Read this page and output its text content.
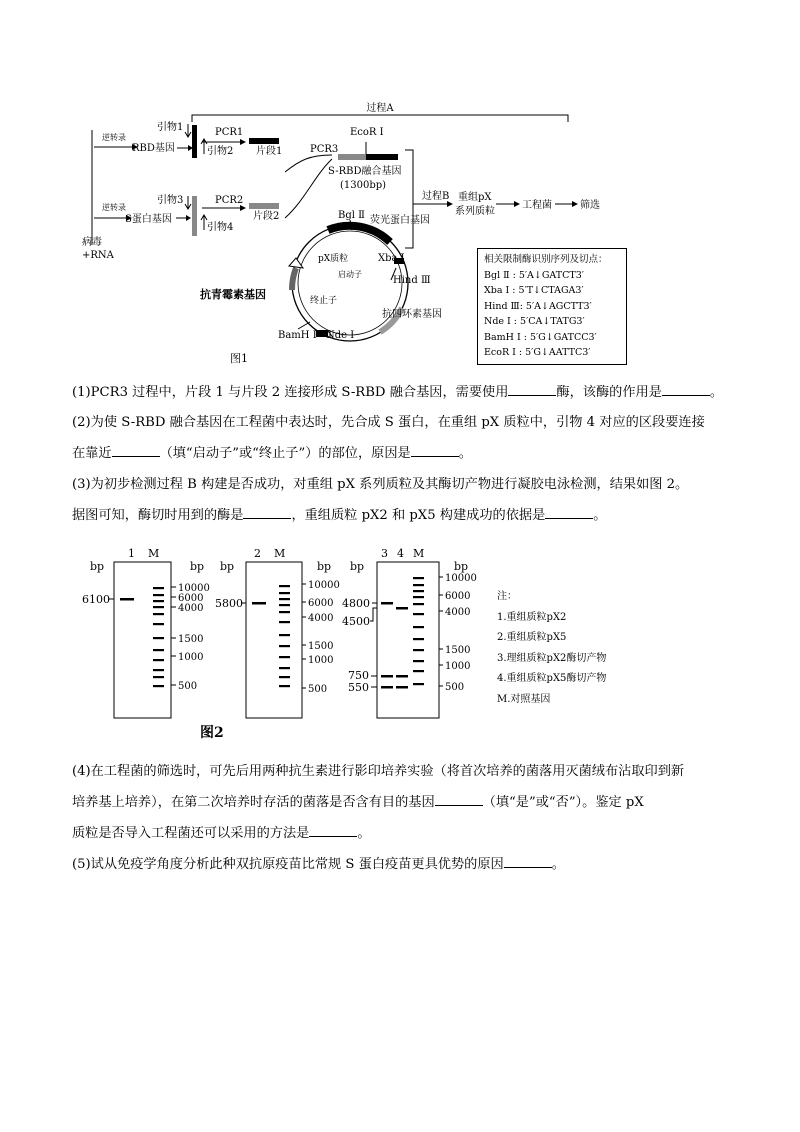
过程A
病毒
+RNA
逆转录
RBD基因
引物1
引物2
PCR1
片段1	PCR3
EcoR Ⅰ
S-RBD融合基因
(1300bp)
逆转录
S蛋白基因
引物3
引物4
PCR2
片段2
过程B 重组pX
系列质粒
工程菌	筛选
Bgl Ⅱ 荧光蛋白基因
pX质粒	Xba Ⅰ
启动子
Hind Ⅲ
抗青霉素基因	终止子
BamH Ⅰ Nde Ⅰ
抗四环素基因
图1
相关限制酶识别序列及切点：
Bgl Ⅱ : 5′A↓GATCT3′
Xba Ⅰ : 5′T↓CTAGA3′
Hind Ⅲ: 5′A↓AGCTT3′
Nde Ⅰ : 5′CA↓TATG3′
BamH Ⅰ : 5′G↓GATCC3′
EcoR Ⅰ : 5′G↓AATTC3′
(1)PCR3 过程中，片段 1 与片段 2 连接形成 S-RBD 融合基因，需要使用	酶，该酶的作用是	。
(2)为使 S-RBD 融合基因在工程菌中表达时，先合成 S 蛋白，在重组 pX 质粒中，引物 4 对应的区段要连接
在靠近	（填“启动子”或“终止子”）的部位，原因是	。
(3)为初步检测过程 B 构建是否成功，对重组 pX 系列质粒及其酶切产物进行凝胶电泳检测，结果如图 2。
据图可知，酶切时用到的酶是	，重组质粒 pX2 和 pX5 构建成功的依据是	。
bp
1 M
bp
6100
10000
6000
4000
1500
1000
500
bp
2 M
bp
5800
10000
6000
4000
1500
1000
500
bp
3 4 M
bp
4800
4500
750
550
10000
6000
4000
1500
1000
500
图2
注：
1.重组质粒pX2
2.重组质粒pX5
3.理组质粒pX2酶切产物
4.重组质粒pX5酶切产物
M.对照基因
(4)在工程菌的筛选时，可先后用两种抗生素进行影印培养实验（将首次培养的菌落用灭菌绒布沾取印到新
培养基上培养），在第二次培养时存活的菌落是否含有目的基因	（填“是”或“否”）。鉴定 pX
质粒是否导入工程菌还可以采用的方法是	。
(5)试从免疫学角度分析此种双抗原疫苗比常规 S 蛋白疫苗更具优势的原因	。
